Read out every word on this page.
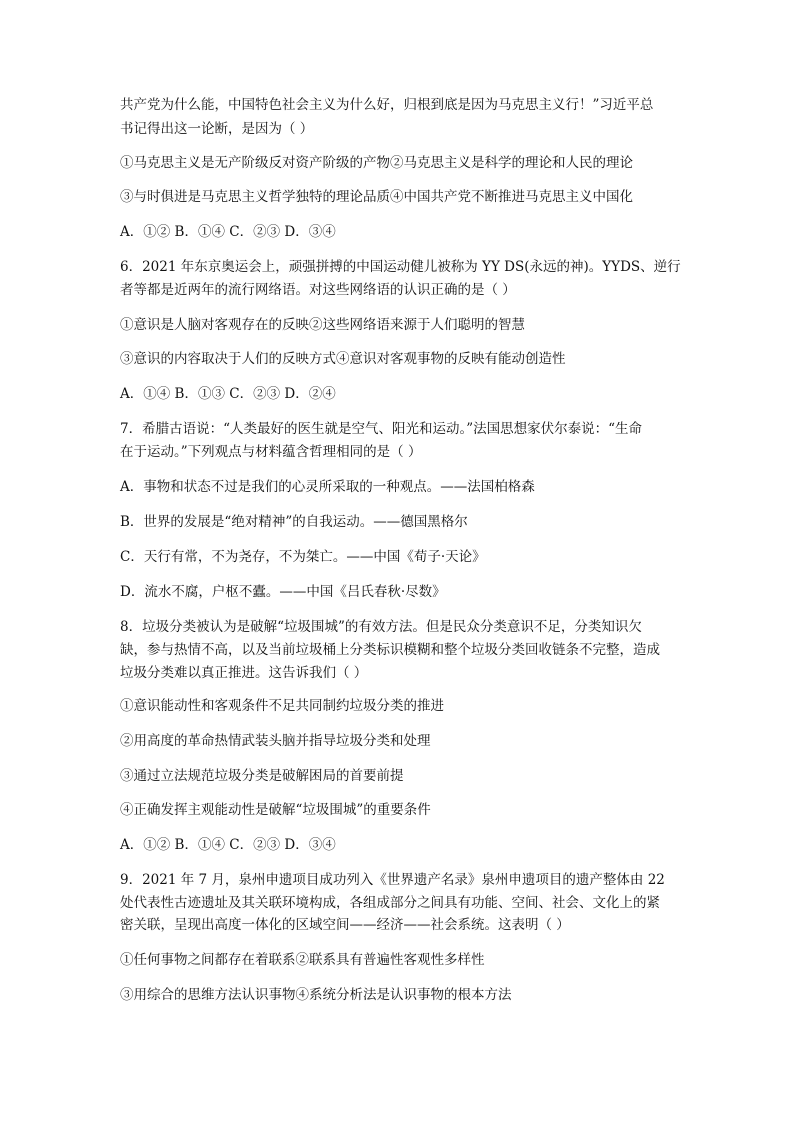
共产党为什么能，中国特色社会主义为什么好，归根到底是因为马克思主义行！”习近平总
书记得出这一论断，是因为（ ）
①马克思主义是无产阶级反对资产阶级的产物②马克思主义是科学的理论和人民的理论
③与时俱进是马克思主义哲学独特的理论品质④中国共产党不断推进马克思主义中国化
A．①② B．①④ C．②③ D．③④
6．2021 年东京奥运会上，顽强拼搏的中国运动健儿被称为 YY DS(永远的神)。YYDS、逆行
者等都是近两年的流行网络语。对这些网络语的认识正确的是（ ）
①意识是人脑对客观存在的反映②这些网络语来源于人们聪明的智慧
③意识的内容取决于人们的反映方式④意识对客观事物的反映有能动创造性
A．①④ B．①③ C．②③ D．②④
7．希腊古语说：“人类最好的医生就是空气、阳光和运动。”法国思想家伏尔泰说：“生命
在于运动。”下列观点与材料蕴含哲理相同的是（ ）
A．事物和状态不过是我们的心灵所采取的一种观点。——法国柏格森
B．世界的发展是“绝对精神”的自我运动。——德国黑格尔
C．天行有常，不为尧存，不为桀亡。——中国《荀子·天论》
D．流水不腐，户枢不蠹。——中国《吕氏春秋·尽数》
8．垃圾分类被认为是破解“垃圾围城”的有效方法。但是民众分类意识不足，分类知识欠
缺，参与热情不高，以及当前垃圾桶上分类标识模糊和整个垃圾分类回收链条不完整，造成
垃圾分类难以真正推进。这告诉我们（ ）
①意识能动性和客观条件不足共同制约垃圾分类的推进
②用高度的革命热情武装头脑并指导垃圾分类和处理
③通过立法规范垃圾分类是破解困局的首要前提
④正确发挥主观能动性是破解“垃圾围城”的重要条件
A．①② B．①④ C．②③ D．③④
9．2021 年 7 月，泉州申遗项目成功列入《世界遗产名录》泉州申遗项目的遗产整体由 22
处代表性古迹遗址及其关联环境构成，各组成部分之间具有功能、空间、社会、文化上的紧
密关联，呈现出高度一体化的区域空间——经济——社会系统。这表明（ ）
①任何事物之间都存在着联系②联系具有普遍性客观性多样性
③用综合的思维方法认识事物④系统分析法是认识事物的根本方法
